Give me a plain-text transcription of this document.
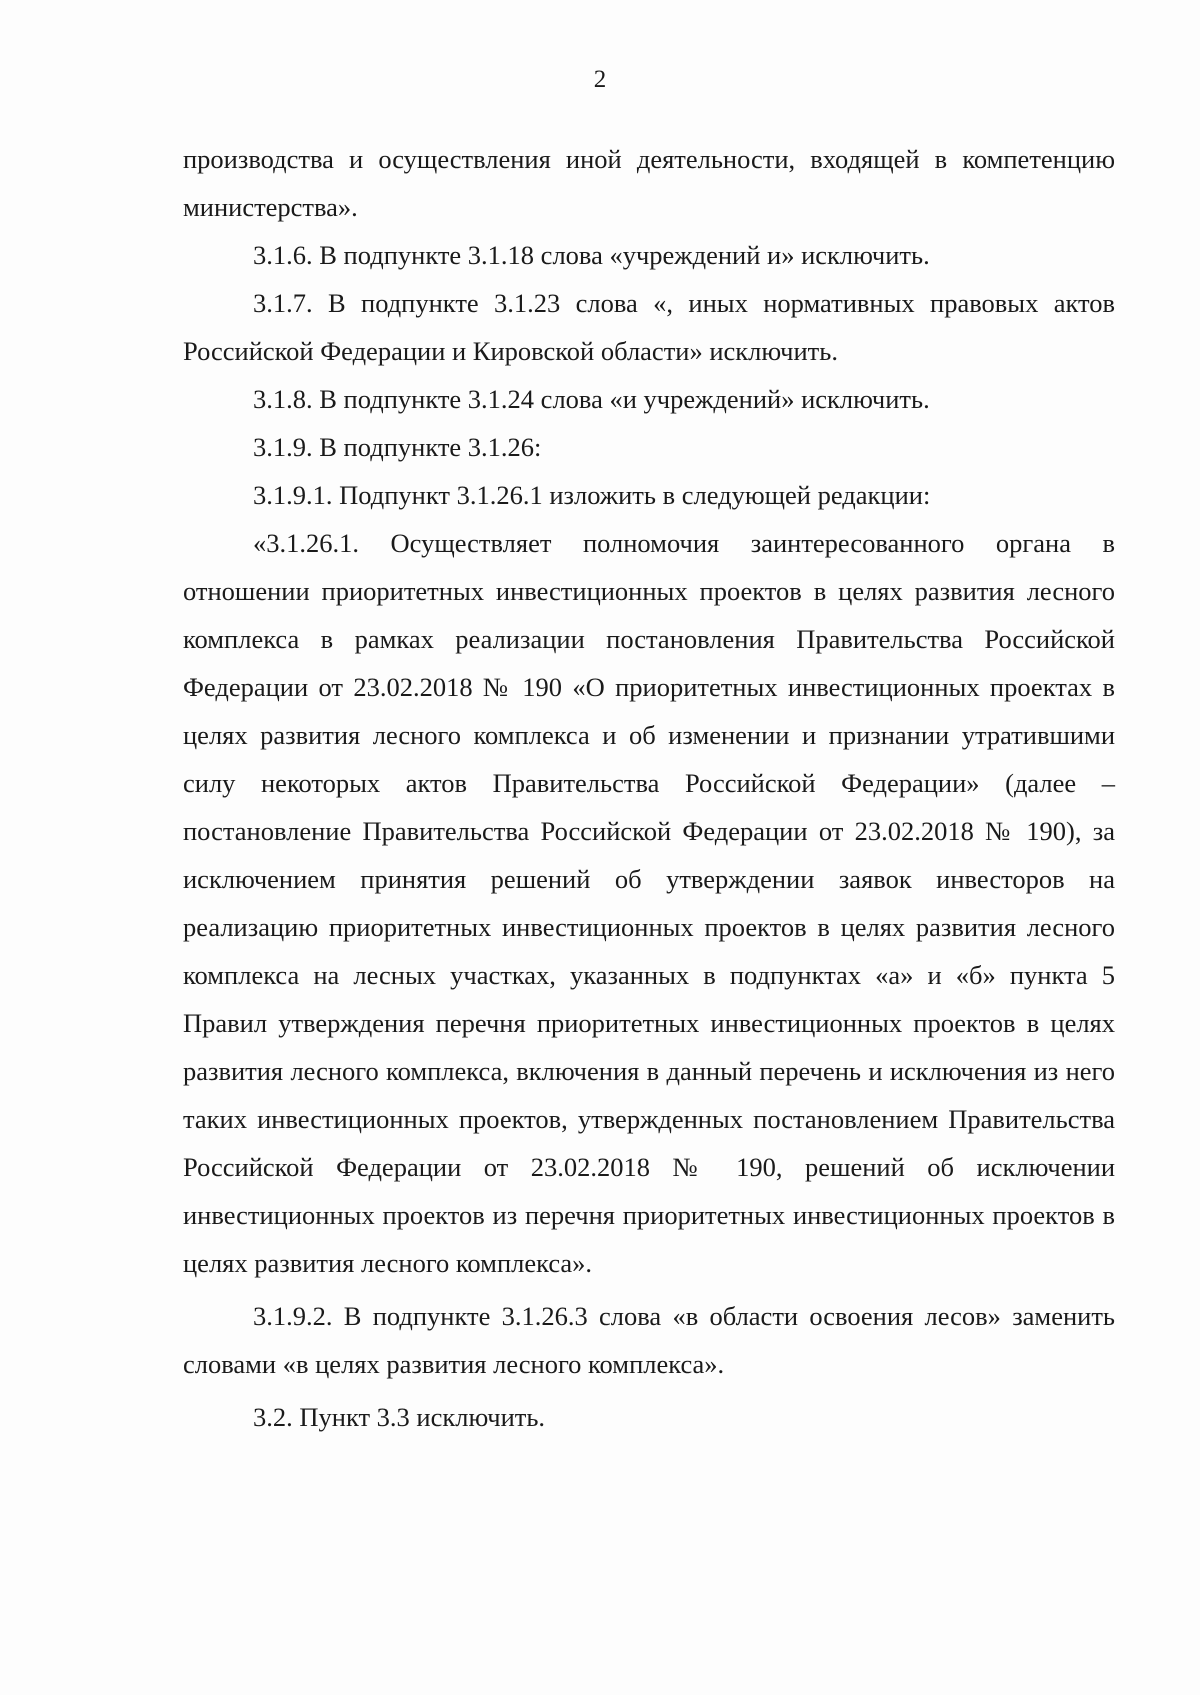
2

производства и осуществления иной деятельности, входящей в компетенцию министерства».

3.1.6. В подпункте 3.1.18 слова «учреждений и» исключить.

3.1.7. В подпункте 3.1.23 слова «, иных нормативных правовых актов Российской Федерации и Кировской области» исключить.

3.1.8. В подпункте 3.1.24 слова «и учреждений» исключить.

3.1.9. В подпункте 3.1.26:

3.1.9.1. Подпункт 3.1.26.1 изложить в следующей редакции:

«3.1.26.1. Осуществляет полномочия заинтересованного органа в отношении приоритетных инвестиционных проектов в целях развития лесного комплекса в рамках реализации постановления Правительства Российской Федерации от 23.02.2018 № 190 «О приоритетных инвестиционных проектах в целях развития лесного комплекса и об изменении и признании утратившими силу некоторых актов Правительства Российской Федерации» (далее – постановление Правительства Российской Федерации от 23.02.2018 № 190), за исключением принятия решений об утверждении заявок инвесторов на реализацию приоритетных инвестиционных проектов в целях развития лесного комплекса на лесных участках, указанных в подпунктах «а» и «б» пункта 5 Правил утверждения перечня приоритетных инвестиционных проектов в целях развития лесного комплекса, включения в данный перечень и исключения из него таких инвестиционных проектов, утвержденных постановлением Правительства Российской Федерации от 23.02.2018 № 190, решений об исключении инвестиционных проектов из перечня приоритетных инвестиционных проектов в целях развития лесного комплекса».

3.1.9.2. В подпункте 3.1.26.3 слова «в области освоения лесов» заменить словами «в целях развития лесного комплекса».

3.2. Пункт 3.3 исключить.
